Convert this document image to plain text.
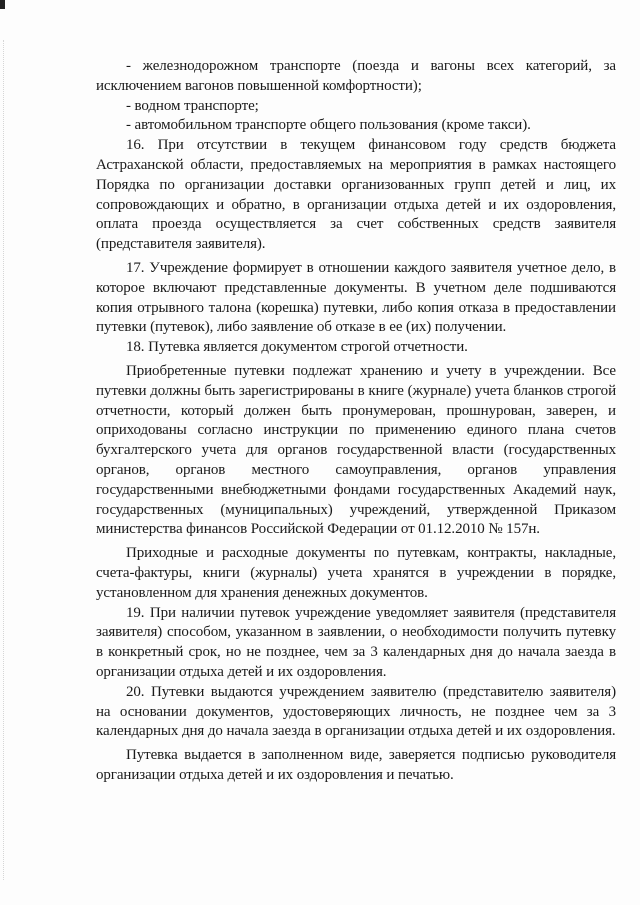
- железнодорожном транспорте (поезда и вагоны всех категорий, за исключением вагонов повышенной комфортности);

- водном транспорте;

- автомобильном транспорте общего пользования (кроме такси).

16. При отсутствии в текущем финансовом году средств бюджета Астраханской области, предоставляемых на мероприятия в рамках настоящего Порядка по организации доставки организованных групп детей и лиц, их сопровождающих и обратно, в организации отдыха детей и их оздоровления, оплата проезда осуществляется за счет собственных средств заявителя (представителя заявителя).

17. Учреждение формирует в отношении каждого заявителя учетное дело, в которое включают представленные документы. В учетном деле подшиваются копия отрывного талона (корешка) путевки, либо копия отказа в предоставлении путевки (путевок), либо заявление об отказе в ее (их) получении.

18. Путевка является документом строгой отчетности.

Приобретенные путевки подлежат хранению и учету в учреждении. Все путевки должны быть зарегистрированы в книге (журнале) учета бланков строгой отчетности, который должен быть пронумерован, прошнурован, заверен, и оприходованы согласно инструкции по применению единого плана счетов бухгалтерского учета для органов государственной власти (государственных органов, органов местного самоуправления, органов управления государственными внебюджетными фондами государственных Академий наук, государственных (муниципальных) учреждений, утвержденной Приказом министерства финансов Российской Федерации от 01.12.2010 № 157н.

Приходные и расходные документы по путевкам, контракты, накладные, счета-фактуры, книги (журналы) учета хранятся в учреждении в порядке, установленном для хранения денежных документов.

19. При наличии путевок учреждение уведомляет заявителя (представителя заявителя) способом, указанном в заявлении, о необходимости получить путевку в конкретный срок, но не позднее, чем за 3 календарных дня до начала заезда в организации отдыха детей и их оздоровления.

20. Путевки выдаются учреждением заявителю (представителю заявителя) на основании документов, удостоверяющих личность, не позднее чем за 3 календарных дня до начала заезда в организации отдыха детей и их оздоровления.

Путевка выдается в заполненном виде, заверяется подписью руководителя организации отдыха детей и их оздоровления и печатью.
